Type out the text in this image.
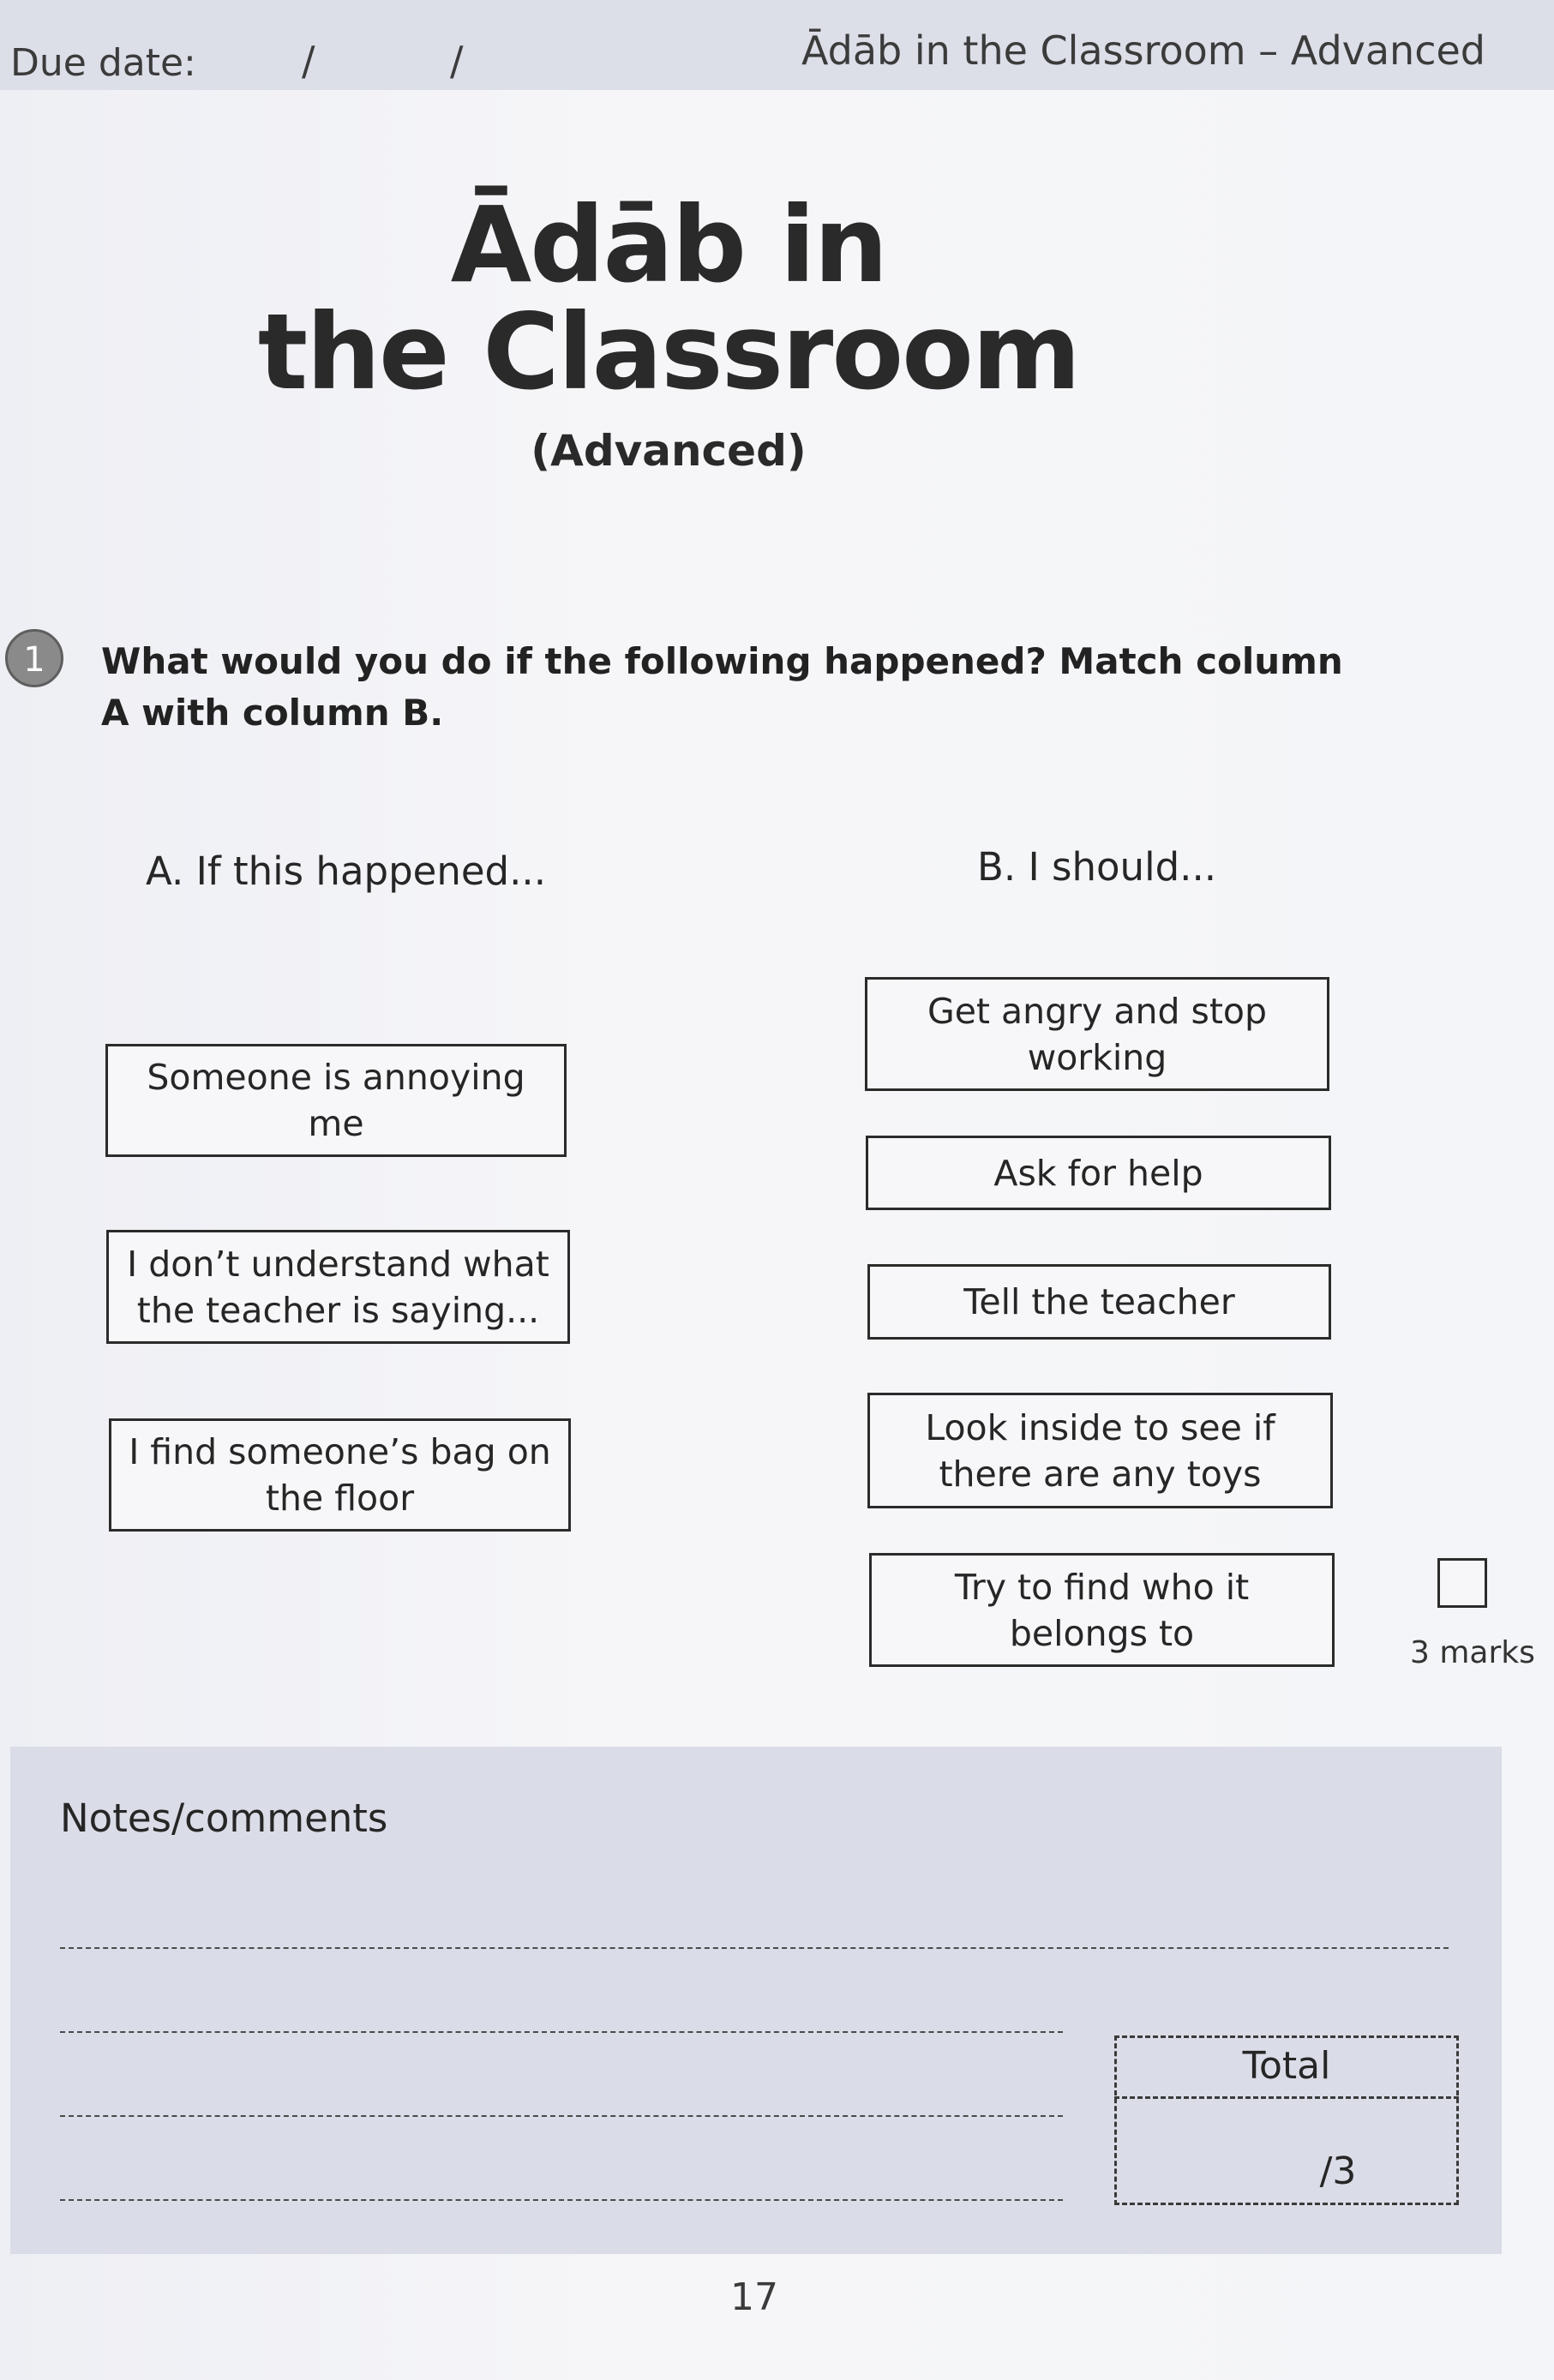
Due date:	/	/	Ādāb in the Classroom – Advanced
Ādāb in
the Classroom
(Advanced)
1	What would you do if the following happened? Match column A with column B.
A. If this happened...	B. I should...
Someone is annoying me
I don’t understand what the teacher is saying...
I find someone’s bag on the floor
Get angry and stop working
Ask for help
Tell the teacher
Look inside to see if there are any toys
Try to find who it belongs to	3 marks
Notes/comments
Total
/3
17
